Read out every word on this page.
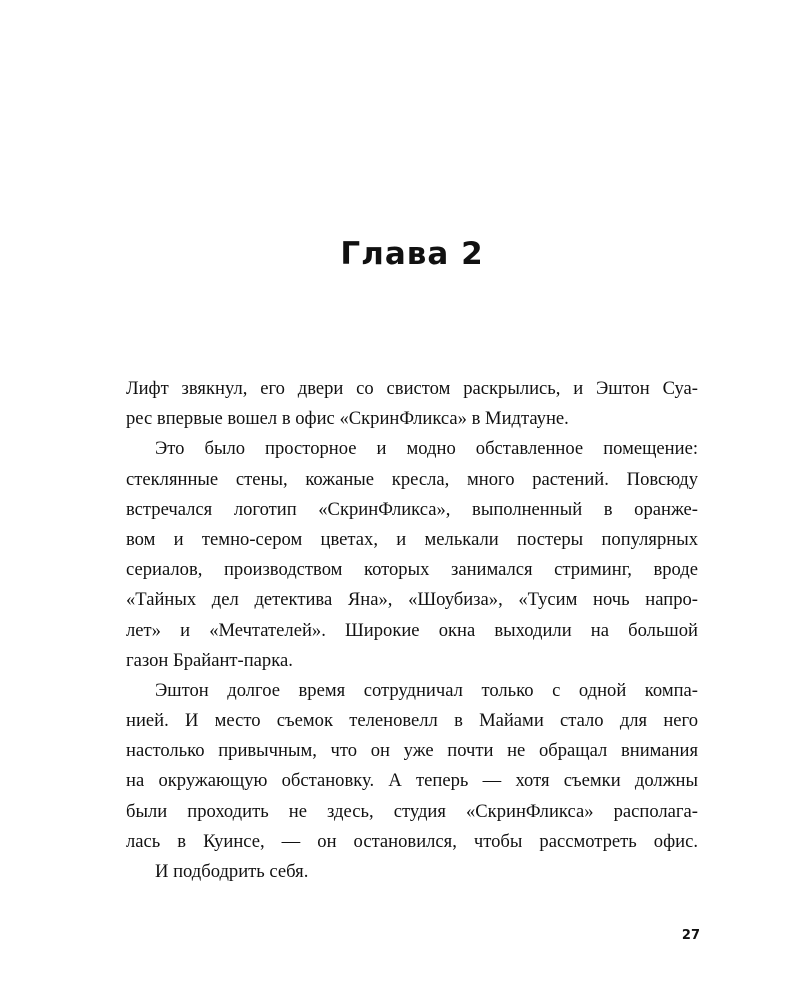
Глава 2
Лифт звякнул, его двери со свистом раскрылись, и Эштон Суа-
рес впервые вошел в офис «СкринФликса» в Мидтауне.
Это было просторное и модно обставленное помещение:
стеклянные стены, кожаные кресла, много растений. Повсюду
встречался логотип «СкринФликса», выполненный в оранже-
вом и темно-сером цветах, и мелькали постеры популярных
сериалов, производством которых занимался стриминг, вроде
«Тайных дел детектива Яна», «Шоубиза», «Тусим ночь напро-
лет» и «Мечтателей». Широкие окна выходили на большой
газон Брайант-парка.
Эштон долгое время сотрудничал только с одной компа-
нией. И место съемок теленовелл в Майами стало для него
настолько привычным, что он уже почти не обращал внимания
на окружающую обстановку. А теперь — хотя съемки должны
были проходить не здесь, студия «СкринФликса» располага-
лась в Куинсе, — он остановился, чтобы рассмотреть офис.
И подбодрить себя.
27
